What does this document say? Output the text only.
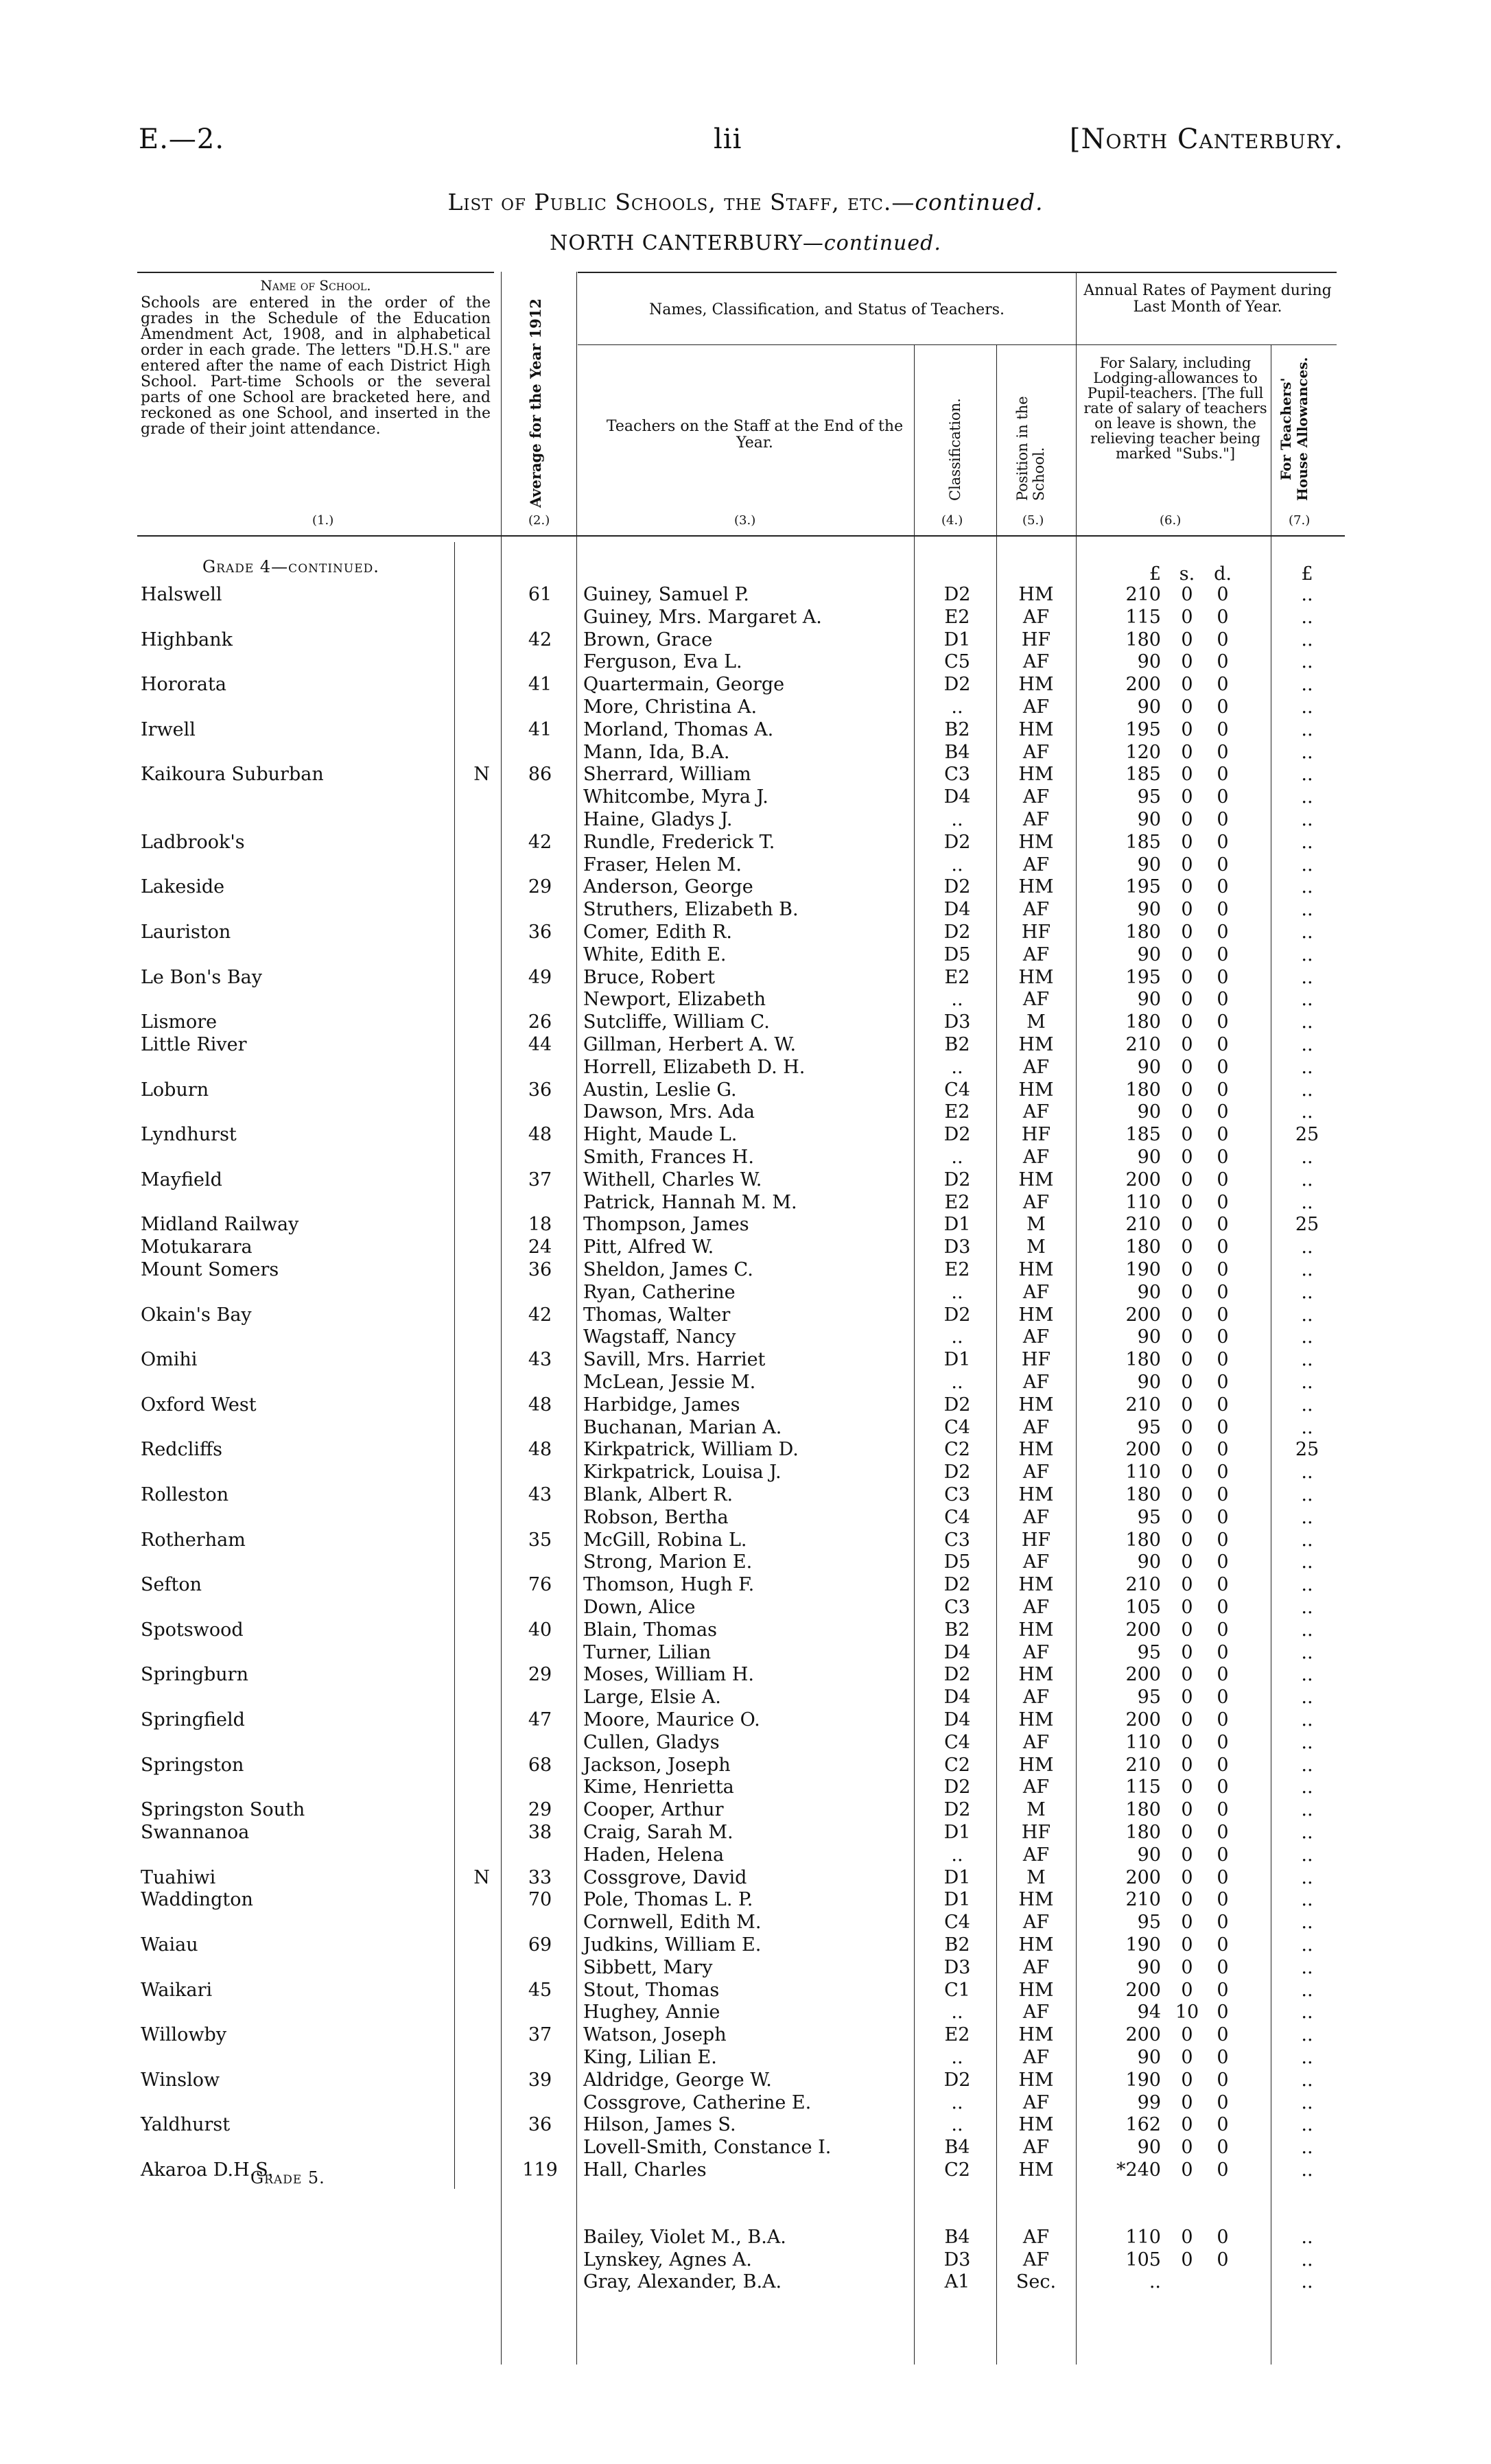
E.—2.	lii	[North Canterbury.
List of Public Schools, the Staff, etc.—continued.
NORTH CANTERBURY—continued.
Name of School.
Schools are entered in the order of the grades in the Schedule of the Education Amendment Act, 1908, and in alphabetical order in each grade. The letters "D.H.S." are entered after the name of each District High School. Part-time Schools or the several parts of one School are bracketed here, and reckoned as one School, and inserted in the grade of their joint attendance.
(1.)
Average for the Year 1912
(2.)
Names, Classification, and Status of Teachers.
Teachers on the Staff at the End of the Year.
(3.)
Classification.
(4.)
Position in the School.
(5.)
Annual Rates of Payment during Last Month of Year.
For Salary, including Lodging-allowances to Pupil-teachers. [The full rate of salary of teachers on leave is shown, the relieving teacher being marked "Subs."]
(6.)
For Teachers' House Allowances.
(7.)
£ s.	d.	£
Grade 4—continued.
Grade 5.
Halswell	61	Guiney, Samuel P.	D2	HM	210	0	0	..
Guiney, Mrs. Margaret A.	E2	AF	115	0	0	..
Highbank	42	Brown, Grace	D1	HF	180	0	0	..
Ferguson, Eva L.	C5	AF	90	0	0	..
Hororata	41	Quartermain, George	D2	HM	200	0	0	..
More, Christina A.	..	AF	90	0	0	..
Irwell	41	Morland, Thomas A.	B2	HM	195	0	0	..
Mann, Ida, B.A.	B4	AF	120	0	0	..
Kaikoura Suburban	N	86	Sherrard, William	C3	HM	185	0	0	..
Whitcombe, Myra J.	D4	AF	95	0	0	..
Haine, Gladys J.	..	AF	90	0	0	..
Ladbrook's	42	Rundle, Frederick T.	D2	HM	185	0	0	..
Fraser, Helen M.	..	AF	90	0	0	..
Lakeside	29	Anderson, George	D2	HM	195	0	0	..
Struthers, Elizabeth B.	D4	AF	90	0	0	..
Lauriston	36	Comer, Edith R.	D2	HF	180	0	0	..
White, Edith E.	D5	AF	90	0	0	..
Le Bon's Bay	49	Bruce, Robert	E2	HM	195	0	0	..
Newport, Elizabeth	..	AF	90	0	0	..
Lismore	26	Sutcliffe, William C.	D3	M	180	0	0	..
Little River	44	Gillman, Herbert A. W.	B2	HM	210	0	0	..
Horrell, Elizabeth D. H.	..	AF	90	0	0	..
Loburn	36	Austin, Leslie G.	C4	HM	180	0	0	..
Dawson, Mrs. Ada	E2	AF	90	0	0	..
Lyndhurst	48	Hight, Maude L.	D2	HF	185	0	0	25
Smith, Frances H.	..	AF	90	0	0	..
Mayfield	37	Withell, Charles W.	D2	HM	200	0	0	..
Patrick, Hannah M. M.	E2	AF	110	0	0	..
Midland Railway	18	Thompson, James	D1	M	210	0	0	25
Motukarara	24	Pitt, Alfred W.	D3	M	180	0	0	..
Mount Somers	36	Sheldon, James C.	E2	HM	190	0	0	..
Ryan, Catherine	..	AF	90	0	0	..
Okain's Bay	42	Thomas, Walter	D2	HM	200	0	0	..
Wagstaff, Nancy	..	AF	90	0	0	..
Omihi	43	Savill, Mrs. Harriet	D1	HF	180	0	0	..
McLean, Jessie M.	..	AF	90	0	0	..
Oxford West	48	Harbidge, James	D2	HM	210	0	0	..
Buchanan, Marian A.	C4	AF	95	0	0	..
Redcliffs	48	Kirkpatrick, William D.	C2	HM	200	0	0	25
Kirkpatrick, Louisa J.	D2	AF	110	0	0	..
Rolleston	43	Blank, Albert R.	C3	HM	180	0	0	..
Robson, Bertha	C4	AF	95	0	0	..
Rotherham	35	McGill, Robina L.	C3	HF	180	0	0	..
Strong, Marion E.	D5	AF	90	0	0	..
Sefton	76	Thomson, Hugh F.	D2	HM	210	0	0	..
Down, Alice	C3	AF	105	0	0	..
Spotswood	40	Blain, Thomas	B2	HM	200	0	0	..
Turner, Lilian	D4	AF	95	0	0	..
Springburn	29	Moses, William H.	D2	HM	200	0	0	..
Large, Elsie A.	D4	AF	95	0	0	..
Springfield	47	Moore, Maurice O.	D4	HM	200	0	0	..
Cullen, Gladys	C4	AF	110	0	0	..
Springston	68	Jackson, Joseph	C2	HM	210	0	0	..
Kime, Henrietta	D2	AF	115	0	0	..
Springston South	29	Cooper, Arthur	D2	M	180	0	0	..
Swannanoa	38	Craig, Sarah M.	D1	HF	180	0	0	..
Haden, Helena	..	AF	90	0	0	..
Tuahiwi	N	33	Cossgrove, David	D1	M	200	0	0	..
Waddington	70	Pole, Thomas L. P.	D1	HM	210	0	0	..
Cornwell, Edith M.	C4	AF	95	0	0	..
Waiau	69	Judkins, William E.	B2	HM	190	0	0	..
Sibbett, Mary	D3	AF	90	0	0	..
Waikari	45	Stout, Thomas	C1	HM	200	0	0	..
Hughey, Annie	..	AF	94 10 0	..
Willowby	37	Watson, Joseph	E2	HM	200	0	0	..
King, Lilian E.	..	AF	90	0	0	..
Winslow	39	Aldridge, George W.	D2	HM	190	0	0	..
Cossgrove, Catherine E.	..	AF	99	0	0	..
Yaldhurst	36	Hilson, James S.	..	HM	162	0	0	..
Lovell-Smith, Constance I.	B4	AF	90	0	0	..
Akaroa D.H.S.	119	Hall, Charles	C2	HM	*240	0	0	..
Bailey, Violet M., B.A.	B4	AF	110	0	0	..
Lynskey, Agnes A.	D3	AF	105	0	0	..
Gray, Alexander, B.A.	A1	Sec.	..	..
